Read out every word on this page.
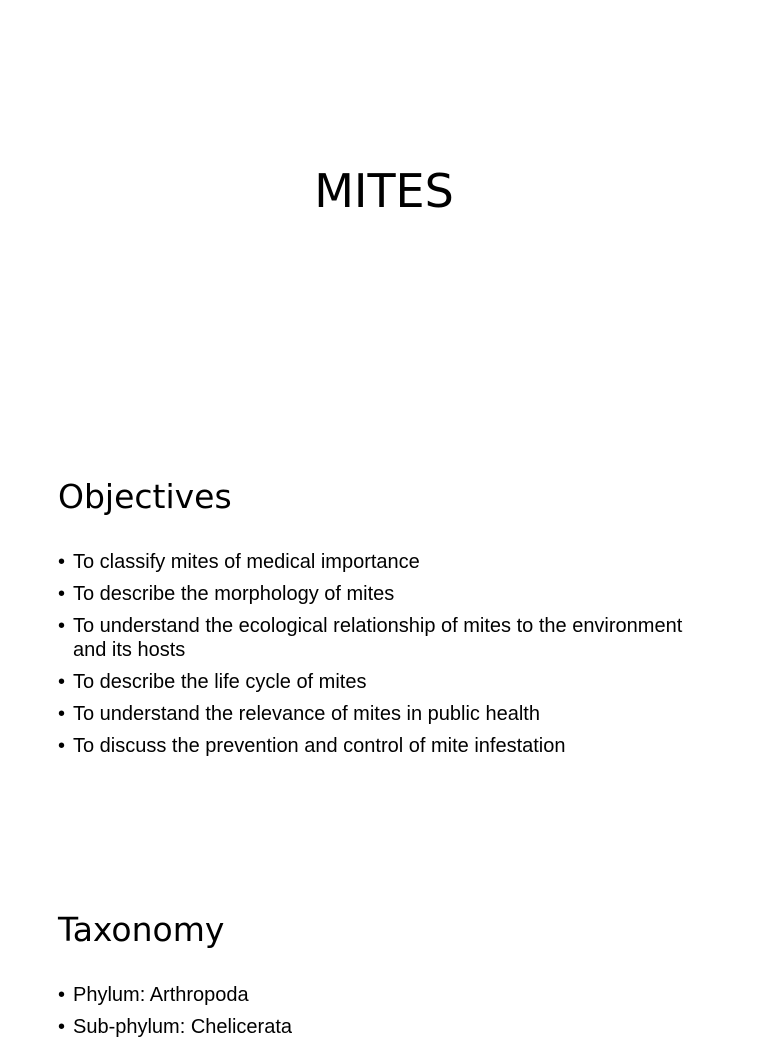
MITES
Objectives
• To classify mites of medical importance
• To describe the morphology of mites
• To understand the ecological relationship of mites to the environment and its hosts
• To describe the life cycle of mites
• To understand the relevance of mites in public health
• To discuss the prevention and control of mite infestation
Taxonomy
• Phylum: Arthropoda
• Sub-phylum: Chelicerata
